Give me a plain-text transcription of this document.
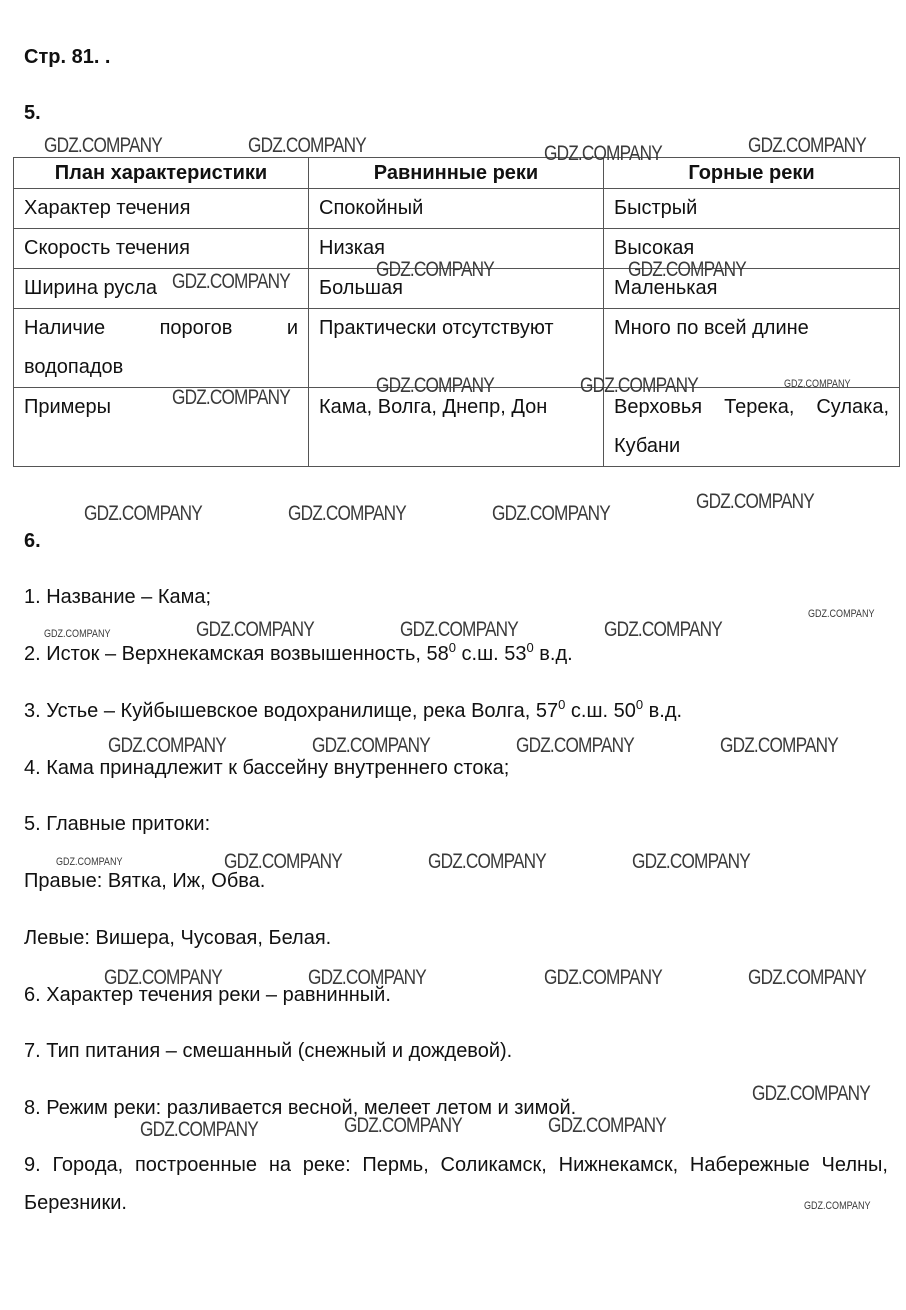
Стр. 81. .
5.
План характеристики	Равнинные реки	Горные реки
Характер течения	Спокойный	Быстрый
Скорость течения	Низкая	Высокая
Ширина русла	Большая	Маленькая
Наличие порогов и водопадов	Практически отсутствуют	Много по всей длине
Примеры	Кама, Волга, Днепр, Дон	Верховья Терека, Сулака, Кубани
6.
1. Название – Кама;
2. Исток – Верхнекамская возвышенность, $58^0$ с.ш. $53^0$ в.д.
3. Устье – Куйбышевское водохранилище, река Волга, $57^0$ с.ш. $50^0$ в.д.
4. Кама принадлежит к бассейну внутреннего стока;
5. Главные притоки:
Правые: Вятка, Иж, Обва.
Левые: Вишера, Чусовая, Белая.
6. Характер течения реки – равнинный.
7. Тип питания – смешанный (снежный и дождевой).
8. Режим реки: разливается весной, мелеет летом и зимой.
9. Города, построенные на реке: Пермь, Соликамск, Нижнекамск, Набережные Челны, Березники.
GDZ.COMPANY	GDZ.COMPANY	GDZ.COMPANY	GDZ.COMPANY
GDZ.COMPANY
GDZ.COMPANY	GDZ.COMPANY
GDZ.COMPANY	GDZ.COMPANY	GDZ.COMPANY
GDZ.COMPANY
GDZ.COMPANY	GDZ.COMPANY	GDZ.COMPANY
GDZ.COMPANY
GDZ.COMPANY
GDZ.COMPANY	GDZ.COMPANY	GDZ.COMPANY	GDZ.COMPANY
GDZ.COMPANY	GDZ.COMPANY	GDZ.COMPANY	GDZ.COMPANY
GDZ.COMPANY	GDZ.COMPANY	GDZ.COMPANY	GDZ.COMPANY
GDZ.COMPANY	GDZ.COMPANY	GDZ.COMPANY	GDZ.COMPANY
GDZ.COMPANY
GDZ.COMPANY	GDZ.COMPANY	GDZ.COMPANY
GDZ.COMPANY
